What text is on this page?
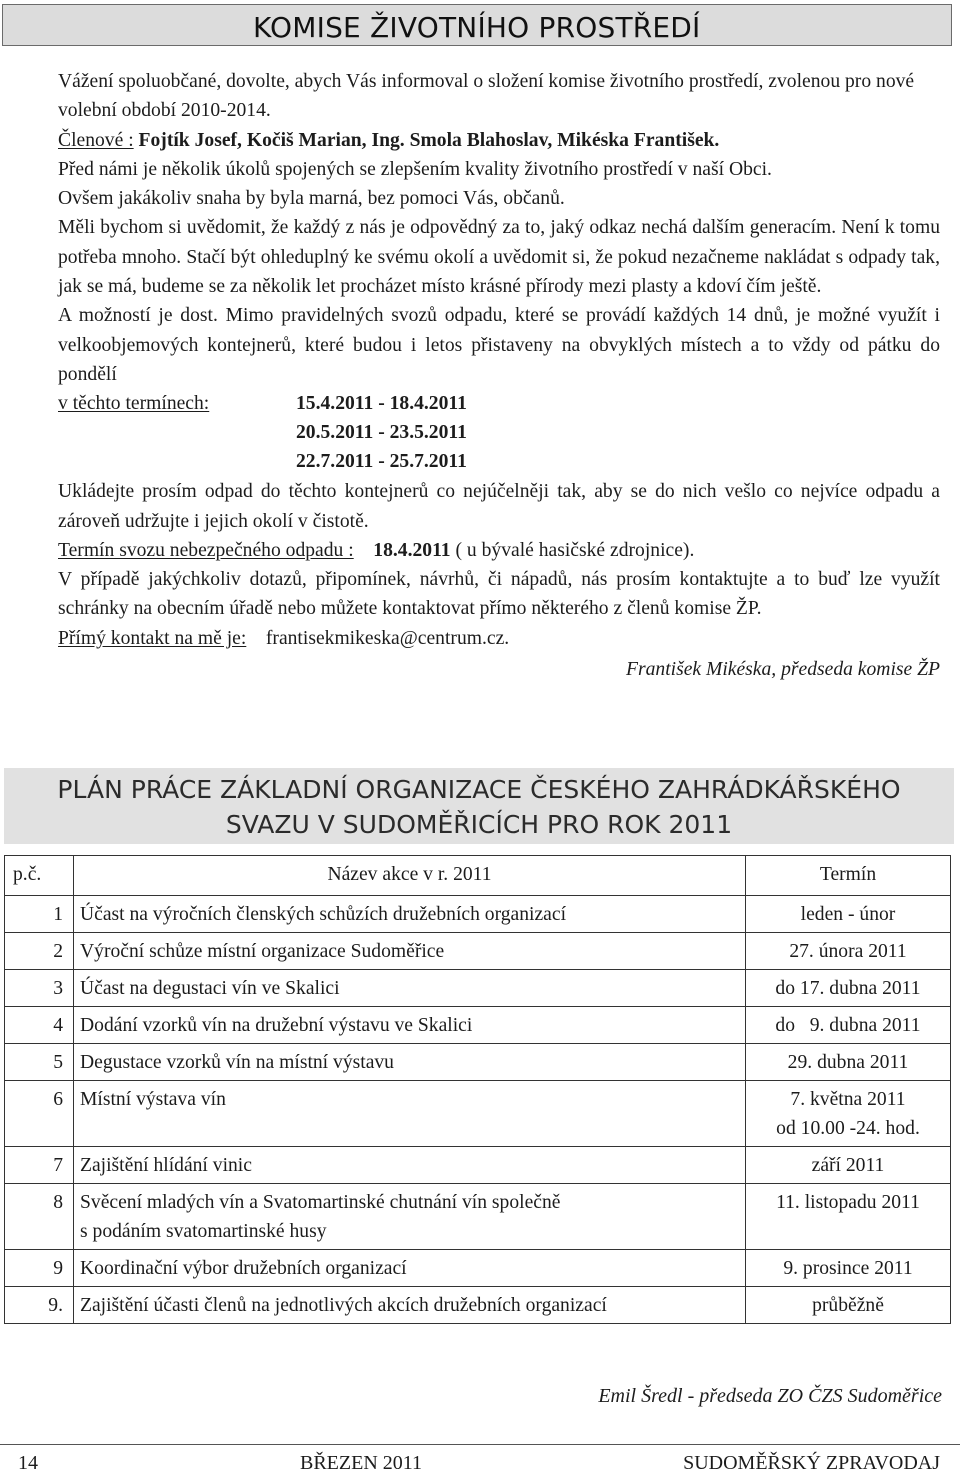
KOMISE ŽIVOTNÍHO PROSTŘEDÍ

Vážení spoluobčané, dovolte, abych Vás informoval o složení komise životního prostředí, zvolenou pro nové volební období 2010-2014.

Členové : Fojtík Josef, Kočiš Marian, Ing. Smola Blahoslav, Mikéska František.

Před námi je několik úkolů spojených se zlepšením kvality životního prostředí v naší Obci.

Ovšem jakákoliv snaha by byla marná, bez pomoci Vás, občanů.

Měli bychom si uvědomit, že každý z nás je odpovědný za to, jaký odkaz nechá dalším generacím. Není k tomu potřeba mnoho. Stačí být ohleduplný ke svému okolí a uvědomit si, že pokud nezačneme nakládat s odpady tak, jak se má, budeme se za několik let procházet místo krásné přírody mezi plasty a kdoví čím ještě.

A možností je dost. Mimo pravidelných svozů odpadu, které se provádí každých 14 dnů, je možné využít i velkoobjemových kontejnerů, které budou i letos přistaveny na obvyklých místech a to vždy od pátku do pondělí

v těchto termínech:	15.4.2011 - 18.4.2011
20.5.2011 - 23.5.2011
22.7.2011 - 25.7.2011

Ukládejte prosím odpad do těchto kontejnerů co nejúčelněji tak, aby se do nich vešlo co nejvíce odpadu a zároveň udržujte i jejich okolí v čistotě.

Termín svozu nebezpečného odpadu : 18.4.2011 ( u bývalé hasičské zdrojnice).

V případě jakýchkoliv dotazů, připomínek, návrhů, či nápadů, nás prosím kontaktujte a to buď lze využít schránky na obecním úřadě nebo můžete kontaktovat přímo některého z členů komise ŽP.

Přímý kontakt na mě je: frantisekmikeska@centrum.cz.

František Mikéska, předseda komise ŽP

PLÁN PRÁCE ZÁKLADNÍ ORGANIZACE ČESKÉHO ZAHRÁDKÁŘSKÉHO
SVAZU V SUDOMĚŘICÍCH PRO ROK 2011
p.č.	Název akce v r. 2011	Termín
1	Účast na výročních členských schůzích družebních organizací	leden - únor
2	Výroční schůze místní organizace Sudoměřice	27. února 2011
3	Účast na degustaci vín ve Skalici	do 17. dubna 2011
4	Dodání vzorků vín na družební výstavu ve Skalici	do   9. dubna 2011
5	Degustace vzorků vín na místní výstavu	29. dubna 2011
6	Místní výstava vín	7. května 2011
od 10.00 -24. hod.

7	Zajištění hlídání vinic	září 2011
8	Svěcení mladých vín a Svatomartinské chutnání vín společně
s podáním svatomartinské husy	11. listopadu 2011
9	Koordinační výbor družebních organizací	9. prosince 2011
9.	Zajištění účasti členů na jednotlivých akcích družebních organizací	průběžně
Emil Šredl - předseda ZO ČZS Sudoměřice
14	BŘEZEN 2011	SUDOMĚŘSKÝ ZPRAVODAJ
